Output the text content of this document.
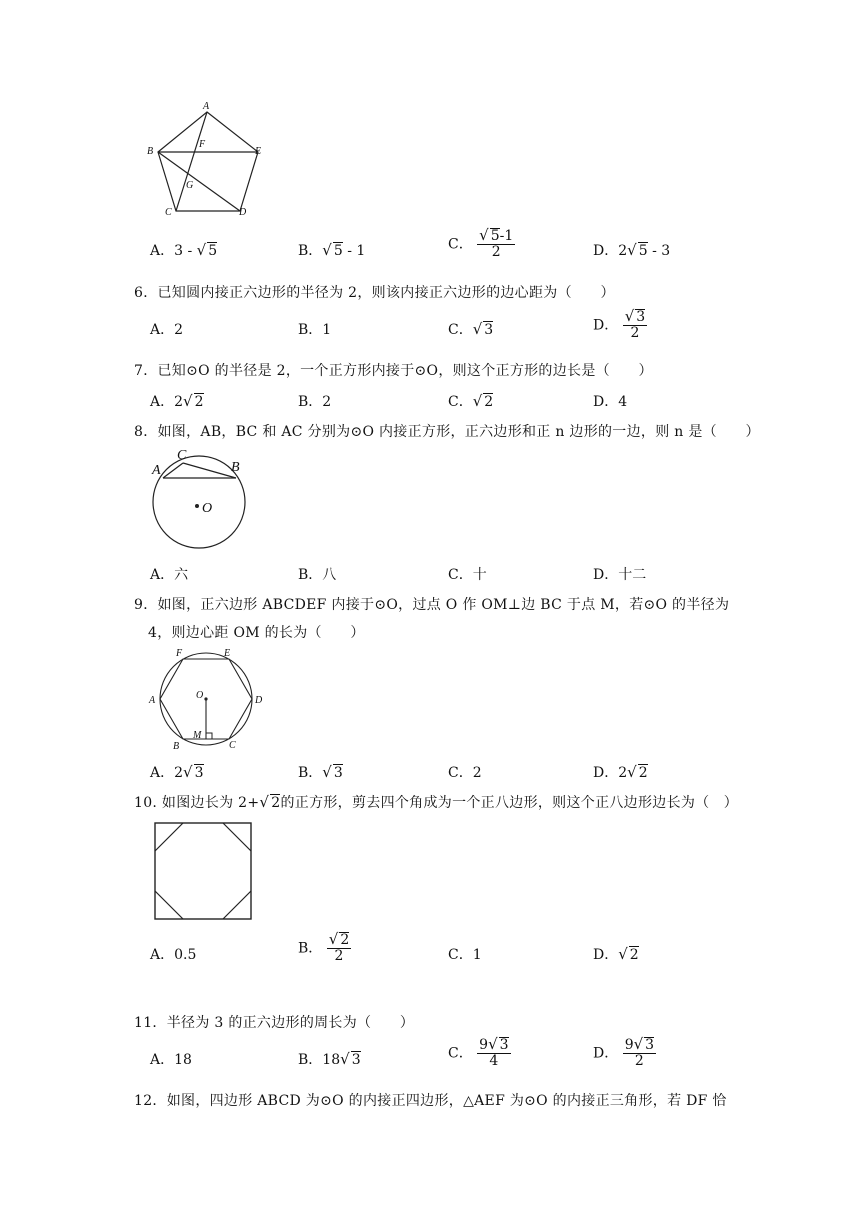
A
B	E
F
G
C	D
A．3 - √ 5	B．√ 5 - 1	C． $\frac{√ 5-1}{2}$	D．2√ 5 - 3
6．已知圆内接正六边形的半径为 2，则该内接正六边形的边心距为（　　）
A．2	B．1	C．√ 3	D． $\frac{√ 3}{2}$
7．已知⊙O 的半径是 2，一个正方形内接于⊙O，则这个正方形的边长是（　　）
A．2√ 2	B．2	C．√ 2	D．4
8．如图，AB，BC 和 AC 分别为⊙O 内接正方形，正六边形和正 n 边形的一边，则 n 是（　　）
A
C
B
O
A．六	B．八	C．十	D．十二
9．如图，正六边形 ABCDEF 内接于⊙O，过点 O 作 OM⊥边 BC 于点 M，若⊙O 的半径为
4，则边心距 OM 的长为（　　）
F	E
A	D
O
M
B	C
A．2√ 3	B．√ 3	C．2	D．2√ 2
10. 如图边长为 2+√ 2的正方形，剪去四个角成为一个正八边形，则这个正八边形边长为（　）
A．0.5	B． $\frac{√ 2}{2}$	C．1	D．√ 2
11．半径为 3 的正六边形的周长为（　　）
A．18	B．18√ 3	C． $\frac{9√ 3}{4}$	D． $\frac{9√ 3}{2}$
12．如图，四边形 ABCD 为⊙O 的内接正四边形，△AEF 为⊙O 的内接正三角形，若 DF 恰
